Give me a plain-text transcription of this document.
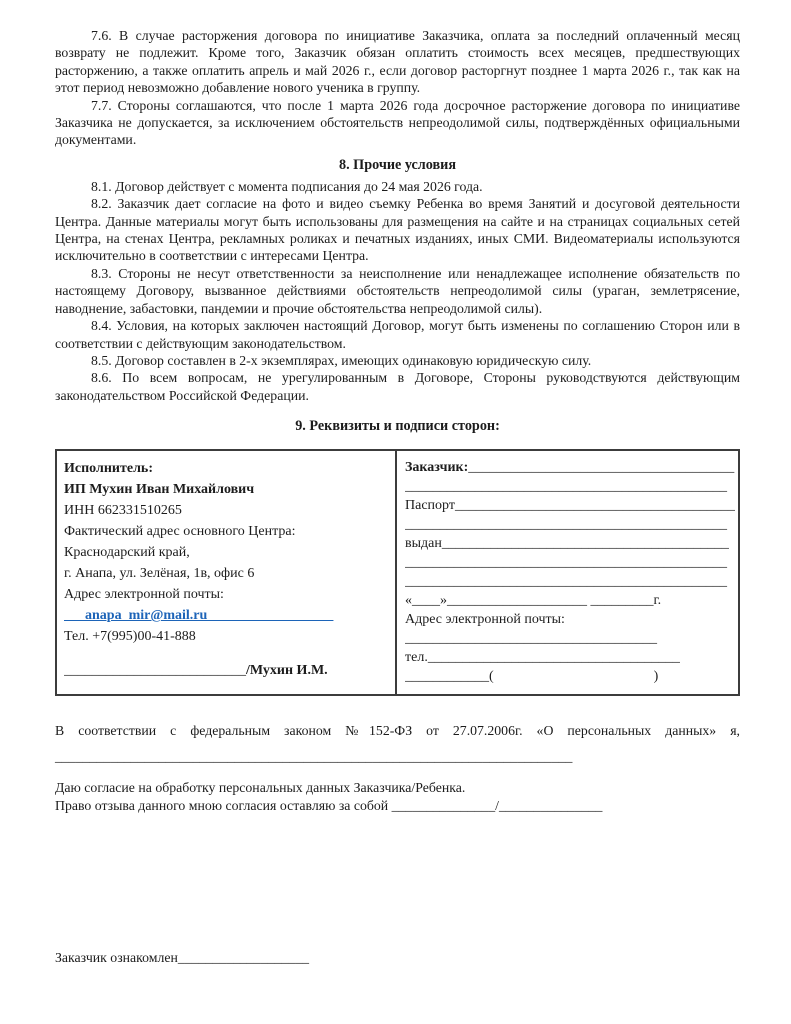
7.6. В случае расторжения договора по инициативе Заказчика, оплата за последний оплаченный месяц возврату не подлежит. Кроме того, Заказчик обязан оплатить стоимость всех месяцев, предшествующих расторжению, а также оплатить апрель и май 2026 г., если договор расторгнут позднее 1 марта 2026 г., так как на этот период невозможно добавление нового ученика в группу.

7.7. Стороны соглашаются, что после 1 марта 2026 года досрочное расторжение договора по инициативе Заказчика не допускается, за исключением обстоятельств непреодолимой силы, подтверждённых официальными документами.

8. Прочие условия

8.1. Договор действует с момента подписания до 24 мая 2026 года.

8.2. Заказчик дает согласие на фото и видео съемку Ребенка во время Занятий и досуговой деятельности Центра. Данные материалы могут быть использованы для размещения на сайте и на страницах социальных сетей Центра, на стенах Центра, рекламных роликах и печатных изданиях, иных СМИ. Видеоматериалы используются исключительно в соответствии с интересами Центра.

8.3. Стороны не несут ответственности за неисполнение или ненадлежащее исполнение обязательств по настоящему Договору, вызванное действиями обстоятельств непреодолимой силы (ураган, землетрясение, наводнение, забастовки, пандемии и прочие обстоятельства непреодолимой силы).

8.4. Условия, на которых заключен настоящий Договор, могут быть изменены по соглашению Сторон или в соответствии с действующим законодательством.

8.5. Договор составлен в 2-х экземплярах, имеющих одинаковую юридическую силу.

8.6. По всем вопросам, не урегулированным в Договоре, Стороны руководствуются действующим законодательством Российской Федерации.

9. Реквизиты и подписи сторон:
Исполнитель:
ИП Мухин Иван Михайлович
ИНН 662331510265
Фактический адрес основного Центра:
Краснодарский край,
г. Анапа, ул. Зелёная, 1в, офис 6
Адрес электронной почты:
___anapa_mir@mail.ru__________________
Тел. +7(995)00-41-888
__________________________/Мухин И.М.
Заказчик:______________________________________
______________________________________________
Паспорт________________________________________
______________________________________________
выдан_________________________________________
______________________________________________
______________________________________________
«____»____________________ _________г.
Адрес электронной почты:
____________________________________
тел.____________________________________
____________(	)

В соответствии с федеральным законом №152-ФЗ от 27.07.2006г. «О персональных данных» я, ___________________________________________________________________________

Даю согласие на обработку персональных данных Заказчика/Ребенка.

Право отзыва данного мною согласия оставляю за собой _______________/_______________

Заказчик ознакомлен___________________
